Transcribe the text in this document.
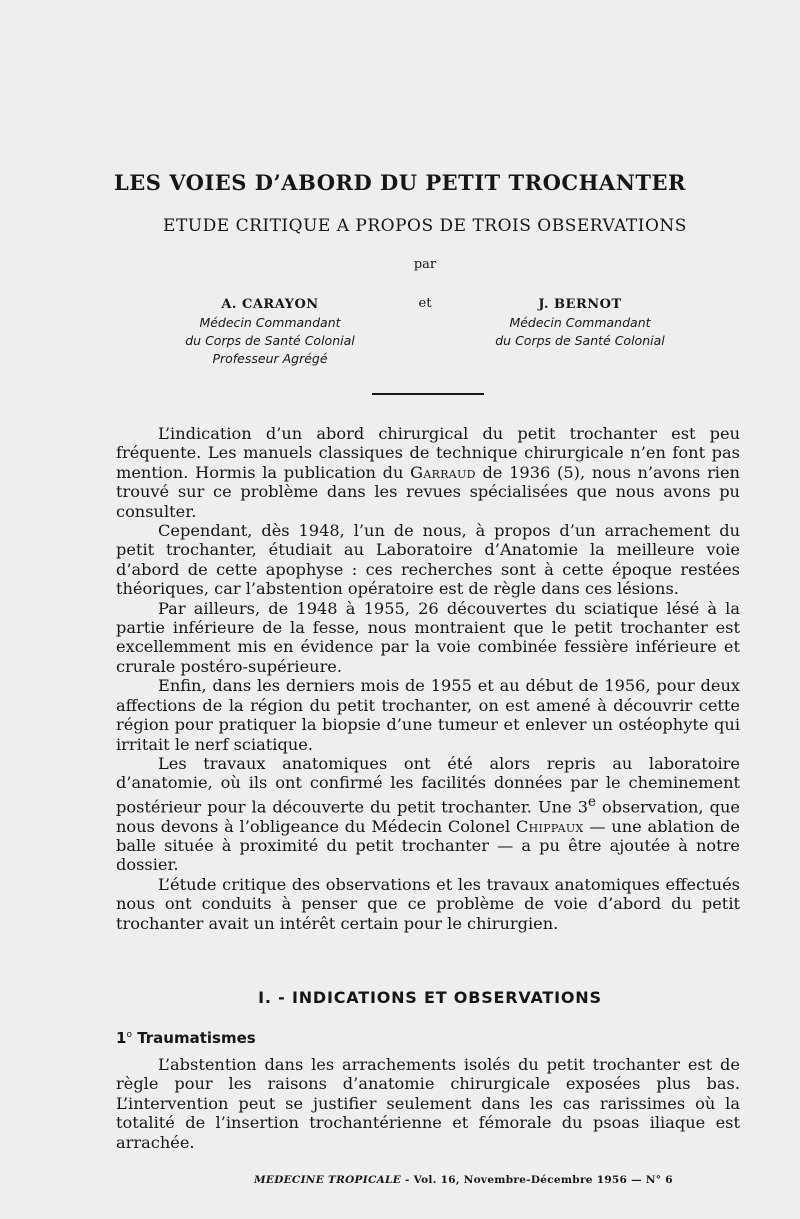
LES VOIES D’ABORD DU PETIT TROCHANTER
ETUDE CRITIQUE A PROPOS DE TROIS OBSERVATIONS
par
A. CARAYON
Médecin Commandant
du Corps de Santé Colonial
Professeur Agrégé
et	J. BERNOT
Médecin Commandant
du Corps de Santé Colonial

L’indication d’un abord chirurgical du petit trochanter est peu fréquente. Les manuels classiques de technique chirurgicale n’en font pas mention. Hormis la publication du Garraud de 1936 (5), nous n’avons rien trouvé sur ce problème dans les revues spécialisées que nous avons pu consulter.

Cependant, dès 1948, l’un de nous, à propos d’un arrachement du petit trochanter, étudiait au Laboratoire d’Anatomie la meilleure voie d’abord de cette apophyse : ces recherches sont à cette époque restées théoriques, car l’abstention opératoire est de règle dans ces lésions.

Par ailleurs, de 1948 à 1955, 26 découvertes du sciatique lésé à la partie inférieure de la fesse, nous montraient que le petit trochanter est excellemment mis en évidence par la voie combinée fessière inférieure et crurale postéro-supérieure.

Enfin, dans les derniers mois de 1955 et au début de 1956, pour deux affections de la région du petit trochanter, on est amené à découvrir cette région pour pratiquer la biopsie d’une tumeur et enlever un ostéophyte qui irritait le nerf sciatique.

Les travaux anatomiques ont été alors repris au laboratoire d’anatomie, où ils ont confirmé les facilités données par le cheminement postérieur pour la découverte du petit trochanter. Une 3e observation, que nous devons à l’obligeance du Médecin Colonel Chippaux — une ablation de balle située à proximité du petit trochanter — a pu être ajoutée à notre dossier.

L’étude critique des observations et les travaux anatomiques effectués nous ont conduits à penser que ce problème de voie d’abord du petit trochanter avait un intérêt certain pour le chirurgien.

I. - INDICATIONS ET OBSERVATIONS
1$^o$ Traumatismes

L’abstention dans les arrachements isolés du petit trochanter est de règle pour les raisons d’anatomie chirurgicale exposées plus bas. L’intervention peut se justifier seulement dans les cas rarissimes où la totalité de l’insertion trochantérienne et fémorale du psoas iliaque est arrachée.

MEDECINE TROPICALE - Vol. 16, Novembre-Décembre 1956 — N° 6
